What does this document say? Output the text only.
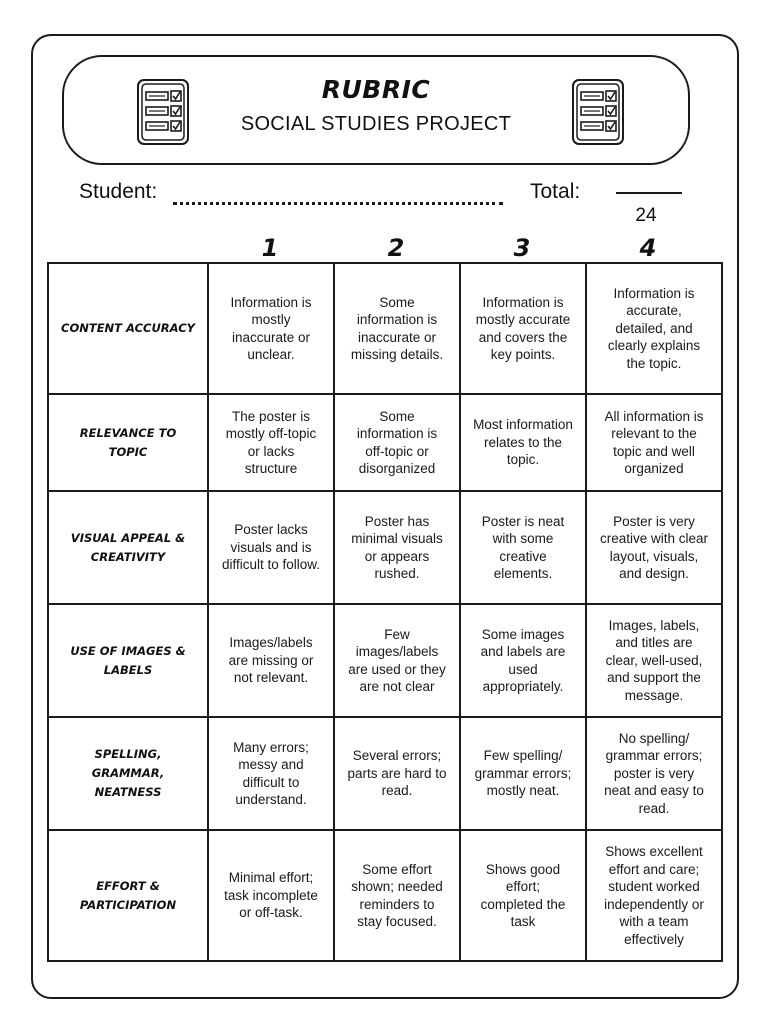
RUBRIC
SOCIAL STUDIES PROJECT
Student:	Total:
24
1	2	3	4
CONTENT ACCURACY	Information is mostly inaccurate or unclear.	Some information is inaccurate or missing details.	Information is mostly accurate and covers the key points.	Information is accurate, detailed, and clearly explains the topic.
RELEVANCE TO TOPIC	The poster is mostly off-topic or lacks structure	Some information is off-topic or disorganized	Most information relates to the topic.	All information is relevant to the topic and well organized
VISUAL APPEAL & CREATIVITY	Poster lacks visuals and is difficult to follow.	Poster has minimal visuals or appears rushed.	Poster is neat with some creative elements.	Poster is very creative with clear layout, visuals, and design.
USE OF IMAGES & LABELS	Images/labels are missing or not relevant.	Few images/labels are used or they are not clear	Some images and labels are used appropriately.	Images, labels, and titles are clear, well-used, and support the message.
SPELLING, GRAMMAR, NEATNESS	Many errors; messy and difficult to understand.	Several errors; parts are hard to read.	Few spelling/ grammar errors; mostly neat.	No spelling/ grammar errors; poster is very neat and easy to read.
EFFORT & PARTICIPATION	Minimal effort; task incomplete or off-task.	Some effort shown; needed reminders to stay focused.	Shows good effort; completed the task	Shows excellent effort and care; student worked independently or with a team effectively
